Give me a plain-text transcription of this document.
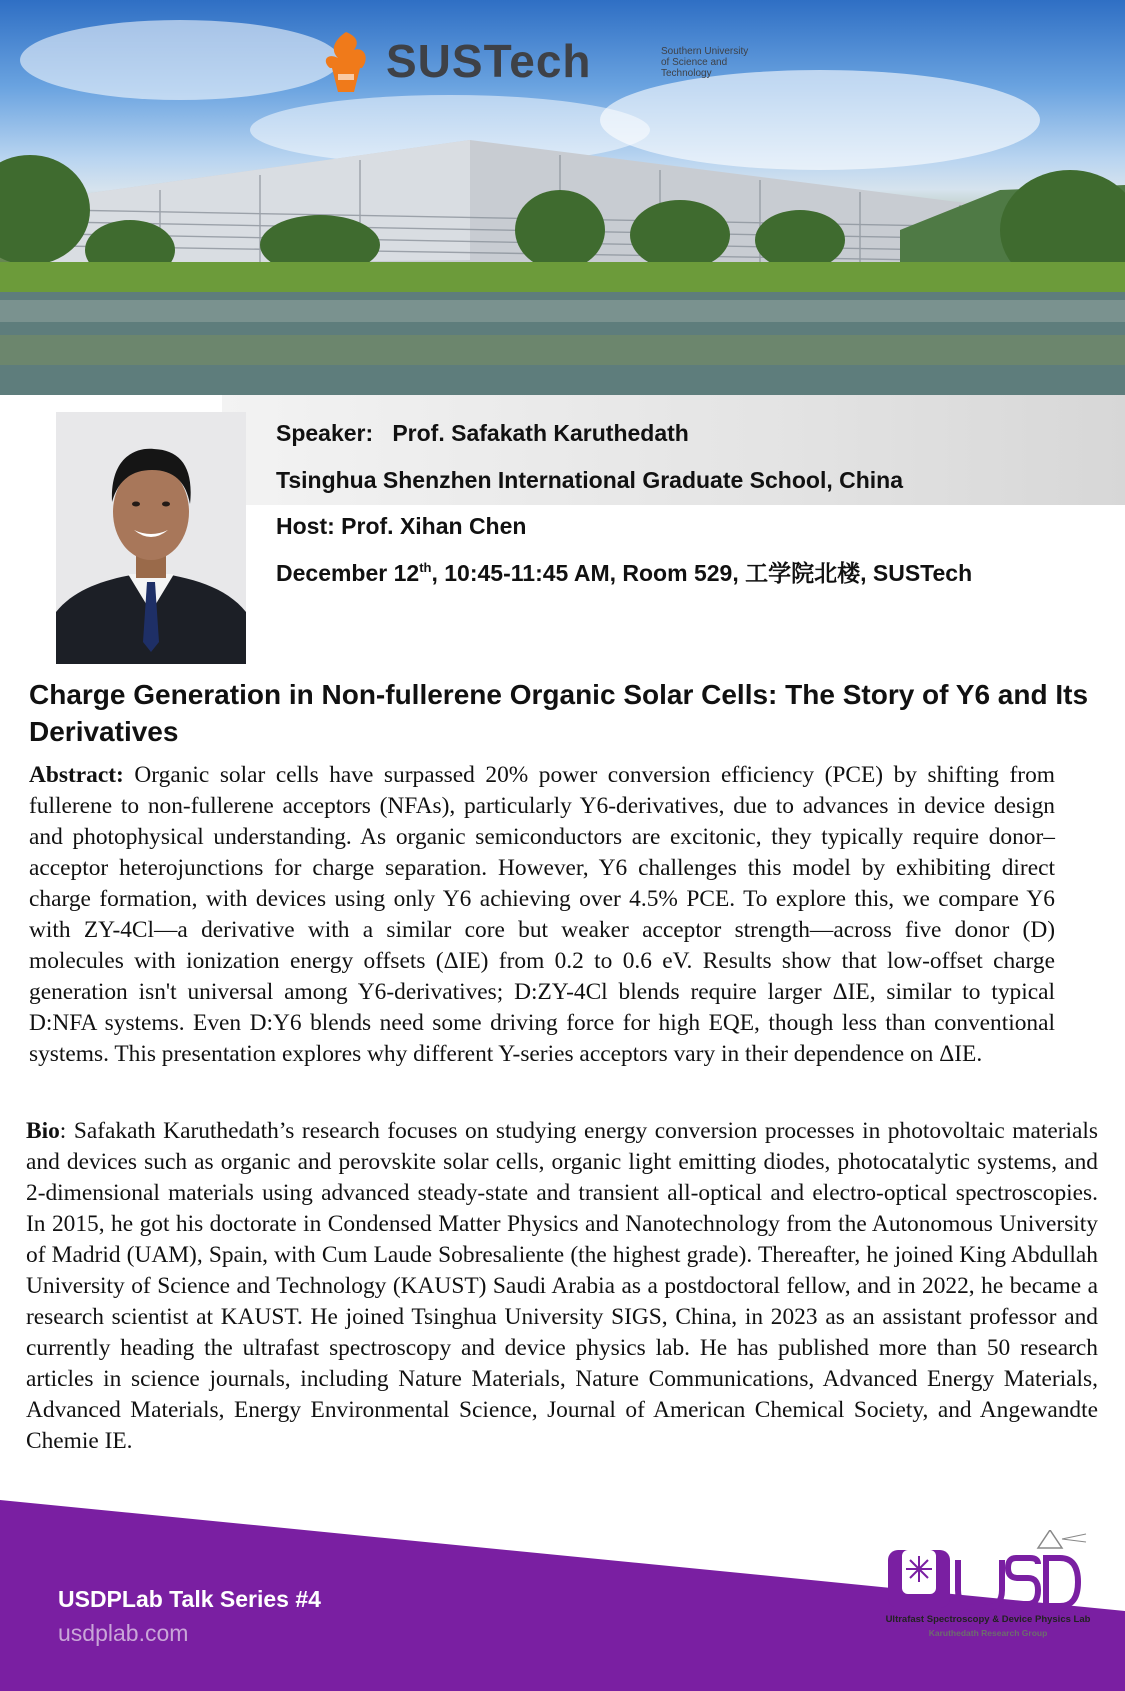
SUSTech	Southern University
of Science and
Technology
Speaker: Prof. Safakath Karuthedath
Tsinghua Shenzhen International Graduate School, China
Host: Prof. Xihan Chen
December 12th, 10:45-11:45 AM, Room 529, 工学院北楼, SUSTech
Charge Generation in Non-fullerene Organic Solar Cells: The Story of Y6 and Its Derivatives
Abstract: Organic solar cells have surpassed 20% power conversion efficiency (PCE) by shifting from fullerene to non-fullerene acceptors (NFAs), particularly Y6-derivatives, due to advances in device design and photophysical understanding. As organic semiconductors are excitonic, they typically require donor–acceptor heterojunctions for charge separation. However, Y6 challenges this model by exhibiting direct charge formation, with devices using only Y6 achieving over 4.5% PCE. To explore this, we compare Y6 with ZY-4Cl—a derivative with a similar core but weaker acceptor strength—across five donor (D) molecules with ionization energy offsets (ΔIE) from 0.2 to 0.6 eV. Results show that low-offset charge generation isn't universal among Y6-derivatives; D:ZY-4Cl blends require larger ΔIE, similar to typical D:NFA systems. Even D:Y6 blends need some driving force for high EQE, though less than conventional systems. This presentation explores why different Y-series acceptors vary in their dependence on ΔIE.
Bio: Safakath Karuthedath’s research focuses on studying energy conversion processes in photovoltaic materials and devices such as organic and perovskite solar cells, organic light emitting diodes, photocatalytic systems, and 2-dimensional materials using advanced steady-state and transient all-optical and electro-optical spectroscopies. In 2015, he got his doctorate in Condensed Matter Physics and Nanotechnology from the Autonomous University of Madrid (UAM), Spain, with Cum Laude Sobresaliente (the highest grade). Thereafter, he joined King Abdullah University of Science and Technology (KAUST) Saudi Arabia as a postdoctoral fellow, and in 2022, he became a research scientist at KAUST. He joined Tsinghua University SIGS, China, in 2023 as an assistant professor and currently heading the ultrafast spectroscopy and device physics lab. He has published more than 50 research articles in science journals, including Nature Materials, Nature Communications, Advanced Energy Materials, Advanced Materials, Energy Environmental Science, Journal of American Chemical Society, and Angewandte Chemie IE.
USDPLab Talk Series #4
usdplab.com
Ultrafast Spectroscopy & Device Physics Lab
Karuthedath Research Group
